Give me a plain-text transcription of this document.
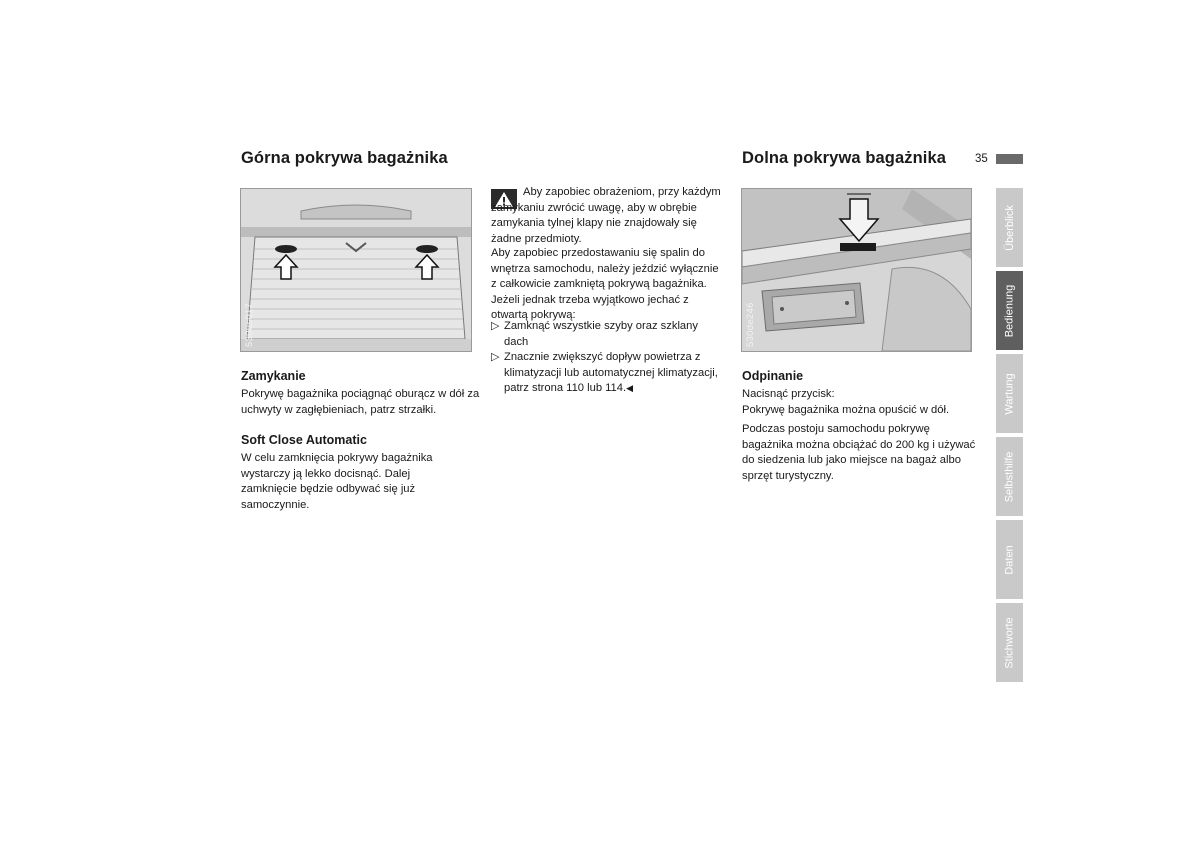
Górna pokrywa bagażnika
530us017
Zamykanie

Pokrywę bagażnika pociągnąć oburącz w dół za uchwyty w zagłębieniach, patrz strzałki.

Soft Close Automatic

W celu zamknięcia pokrywy bagażnika wystarczy ją lekko docisnąć. Dalej zamknięcie będzie odbywać się już samoczynnie.

Aby zapobiec obrażeniom, przy każdym zamykaniu zwrócić uwagę, aby w obrębie zamykania tylnej klapy nie znajdowały się żadne przedmioty.

Aby zapobiec przedostawaniu się spalin do wnętrza samochodu, należy jeździć wyłącznie z całkowicie zamkniętą pokrywą bagażnika. Jeżeli jednak trzeba wyjątkowo jechać z otwartą pokrywą:

▷ Zamknąć wszystkie szyby oraz szklany dach
▷ Znacznie zwiększyć dopływ powietrza z klimatyzacji lub automatycznej klimatyzacji, patrz strona 110 lub 114.◀
Dolna pokrywa bagażnika	35
530de246
Odpinanie

Nacisnąć przycisk:
Pokrywę bagażnika można opuścić w dół.

Podczas postoju samochodu pokrywę bagażnika można obciążać do 200 kg i używać do siedzenia lub jako miejsce na bagaż albo sprzęt turystyczny.

Überblick
Bedienung
Wartung
Selbsthilfe
Daten
Stichworte
